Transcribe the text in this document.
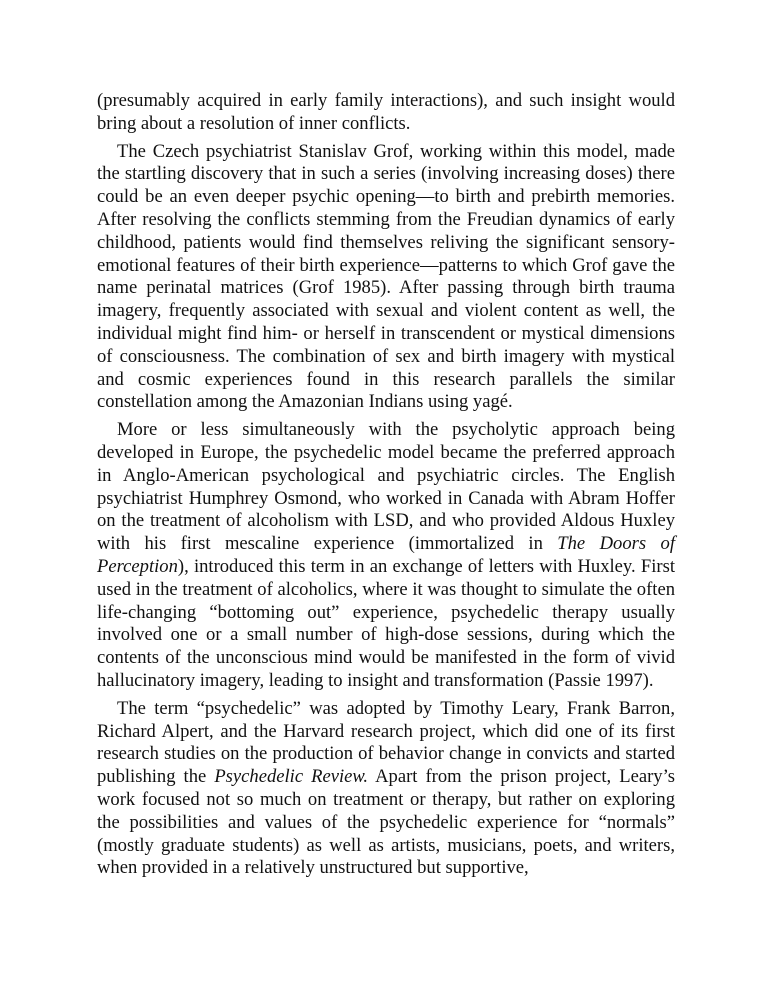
(presumably acquired in early family interactions), and such insight would bring about a resolution of inner conflicts.

The Czech psychiatrist Stanislav Grof, working within this model, made the startling discovery that in such a series (involving increasing doses) there could be an even deeper psychic opening—to birth and prebirth memories. After resolving the conflicts stemming from the Freudian dynamics of early childhood, patients would find themselves reliving the significant sensory-emotional features of their birth experience—patterns to which Grof gave the name perinatal matrices (Grof 1985). After passing through birth trauma imagery, frequently associated with sexual and violent content as well, the individual might find him- or herself in transcendent or mystical dimensions of consciousness. The combination of sex and birth imagery with mystical and cosmic experiences found in this research parallels the similar constellation among the Amazonian Indians using yagé.

More or less simultaneously with the psycholytic approach being developed in Europe, the psychedelic model became the preferred approach in Anglo-American psychological and psychiatric circles. The English psychiatrist Humphrey Osmond, who worked in Canada with Abram Hoffer on the treatment of alcoholism with LSD, and who provided Aldous Huxley with his first mescaline experience (immortalized in The Doors of Perception), introduced this term in an exchange of letters with Huxley. First used in the treatment of alcoholics, where it was thought to simulate the often life-changing “bottoming out” experience, psychedelic therapy usually involved one or a small number of high-dose sessions, during which the contents of the unconscious mind would be manifested in the form of vivid hallucinatory imagery, leading to insight and transformation (Passie 1997).

The term “psychedelic” was adopted by Timothy Leary, Frank Barron, Richard Alpert, and the Harvard research project, which did one of its first research studies on the production of behavior change in convicts and started publishing the Psychedelic Review. Apart from the prison project, Leary’s work focused not so much on treatment or therapy, but rather on exploring the possibilities and values of the psychedelic experience for “normals” (mostly graduate students) as well as artists, musicians, poets, and writers, when provided in a relatively unstructured but supportive,
